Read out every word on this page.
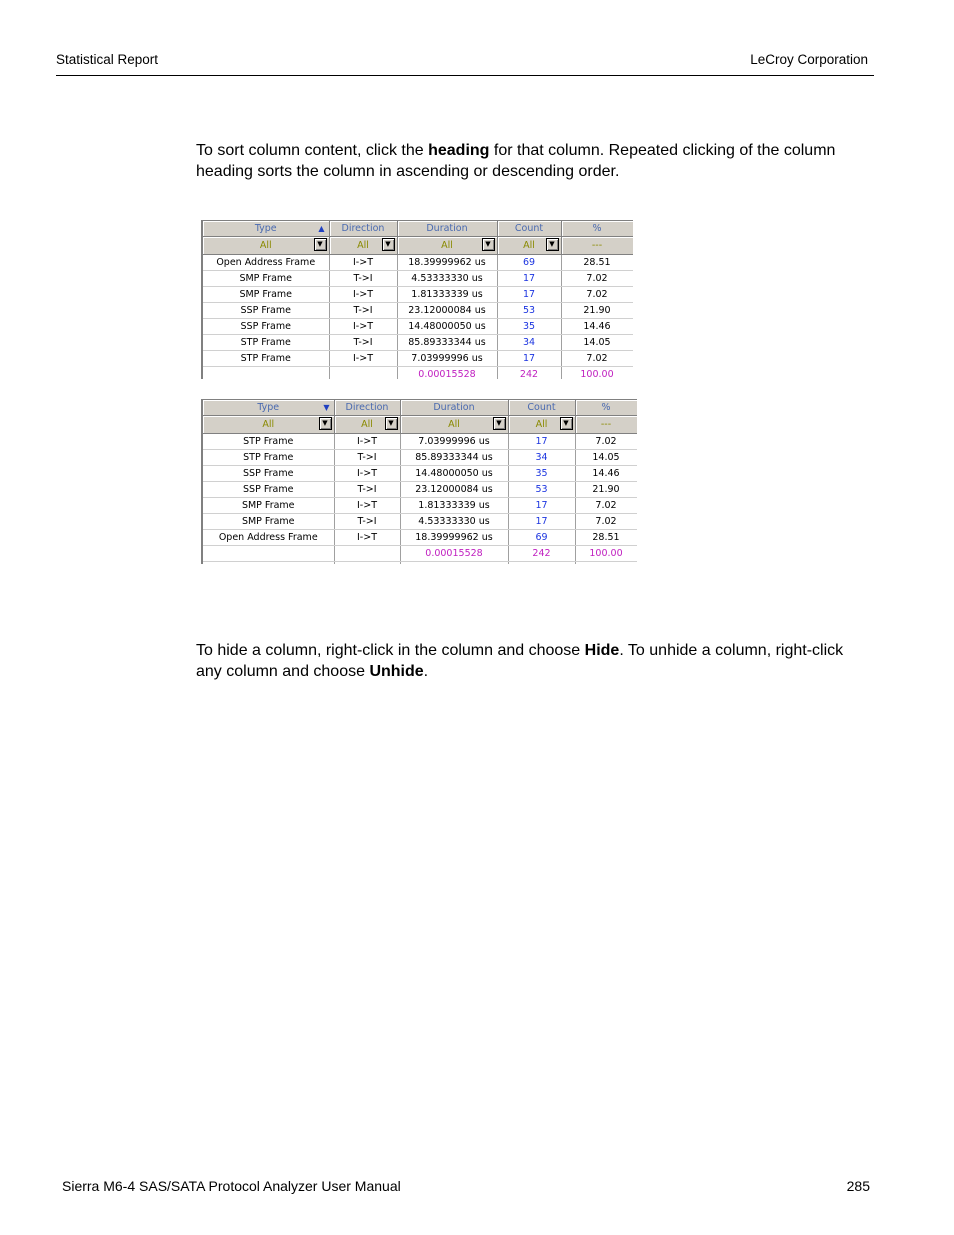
Statistical Report	LeCroy Corporation

To sort column content, click the heading for that column. Repeated clicking of the column heading sorts the column in ascending or descending order.

Type ▲	Direction	Duration	Count	%
All ▼	All ▼	All ▼	All ▼	---
Open Address Frame	I->T	18.39999962 us	69	28.51
SMP Frame	T->I	4.53333330 us	17	7.02
SMP Frame	I->T	1.81333339 us	17	7.02
SSP Frame	T->I	23.12000084 us	53	21.90
SSP Frame	I->T	14.48000050 us	35	14.46
STP Frame	T->I	85.89333344 us	34	14.05
STP Frame	I->T	7.03999996 us	17	7.02
		0.00015528	242	100.00

Type ▼	Direction	Duration	Count	%
All ▼	All ▼	All ▼	All ▼	---
STP Frame	I->T	7.03999996 us	17	7.02
STP Frame	T->I	85.89333344 us	34	14.05
SSP Frame	I->T	14.48000050 us	35	14.46
SSP Frame	T->I	23.12000084 us	53	21.90
SMP Frame	I->T	1.81333339 us	17	7.02
SMP Frame	T->I	4.53333330 us	17	7.02
Open Address Frame	I->T	18.39999962 us	69	28.51
		0.00015528	242	100.00

To hide a column, right-click in the column and choose Hide. To unhide a column, right-click any column and choose Unhide.

Sierra M6-4 SAS/SATA Protocol Analyzer User Manual	285
